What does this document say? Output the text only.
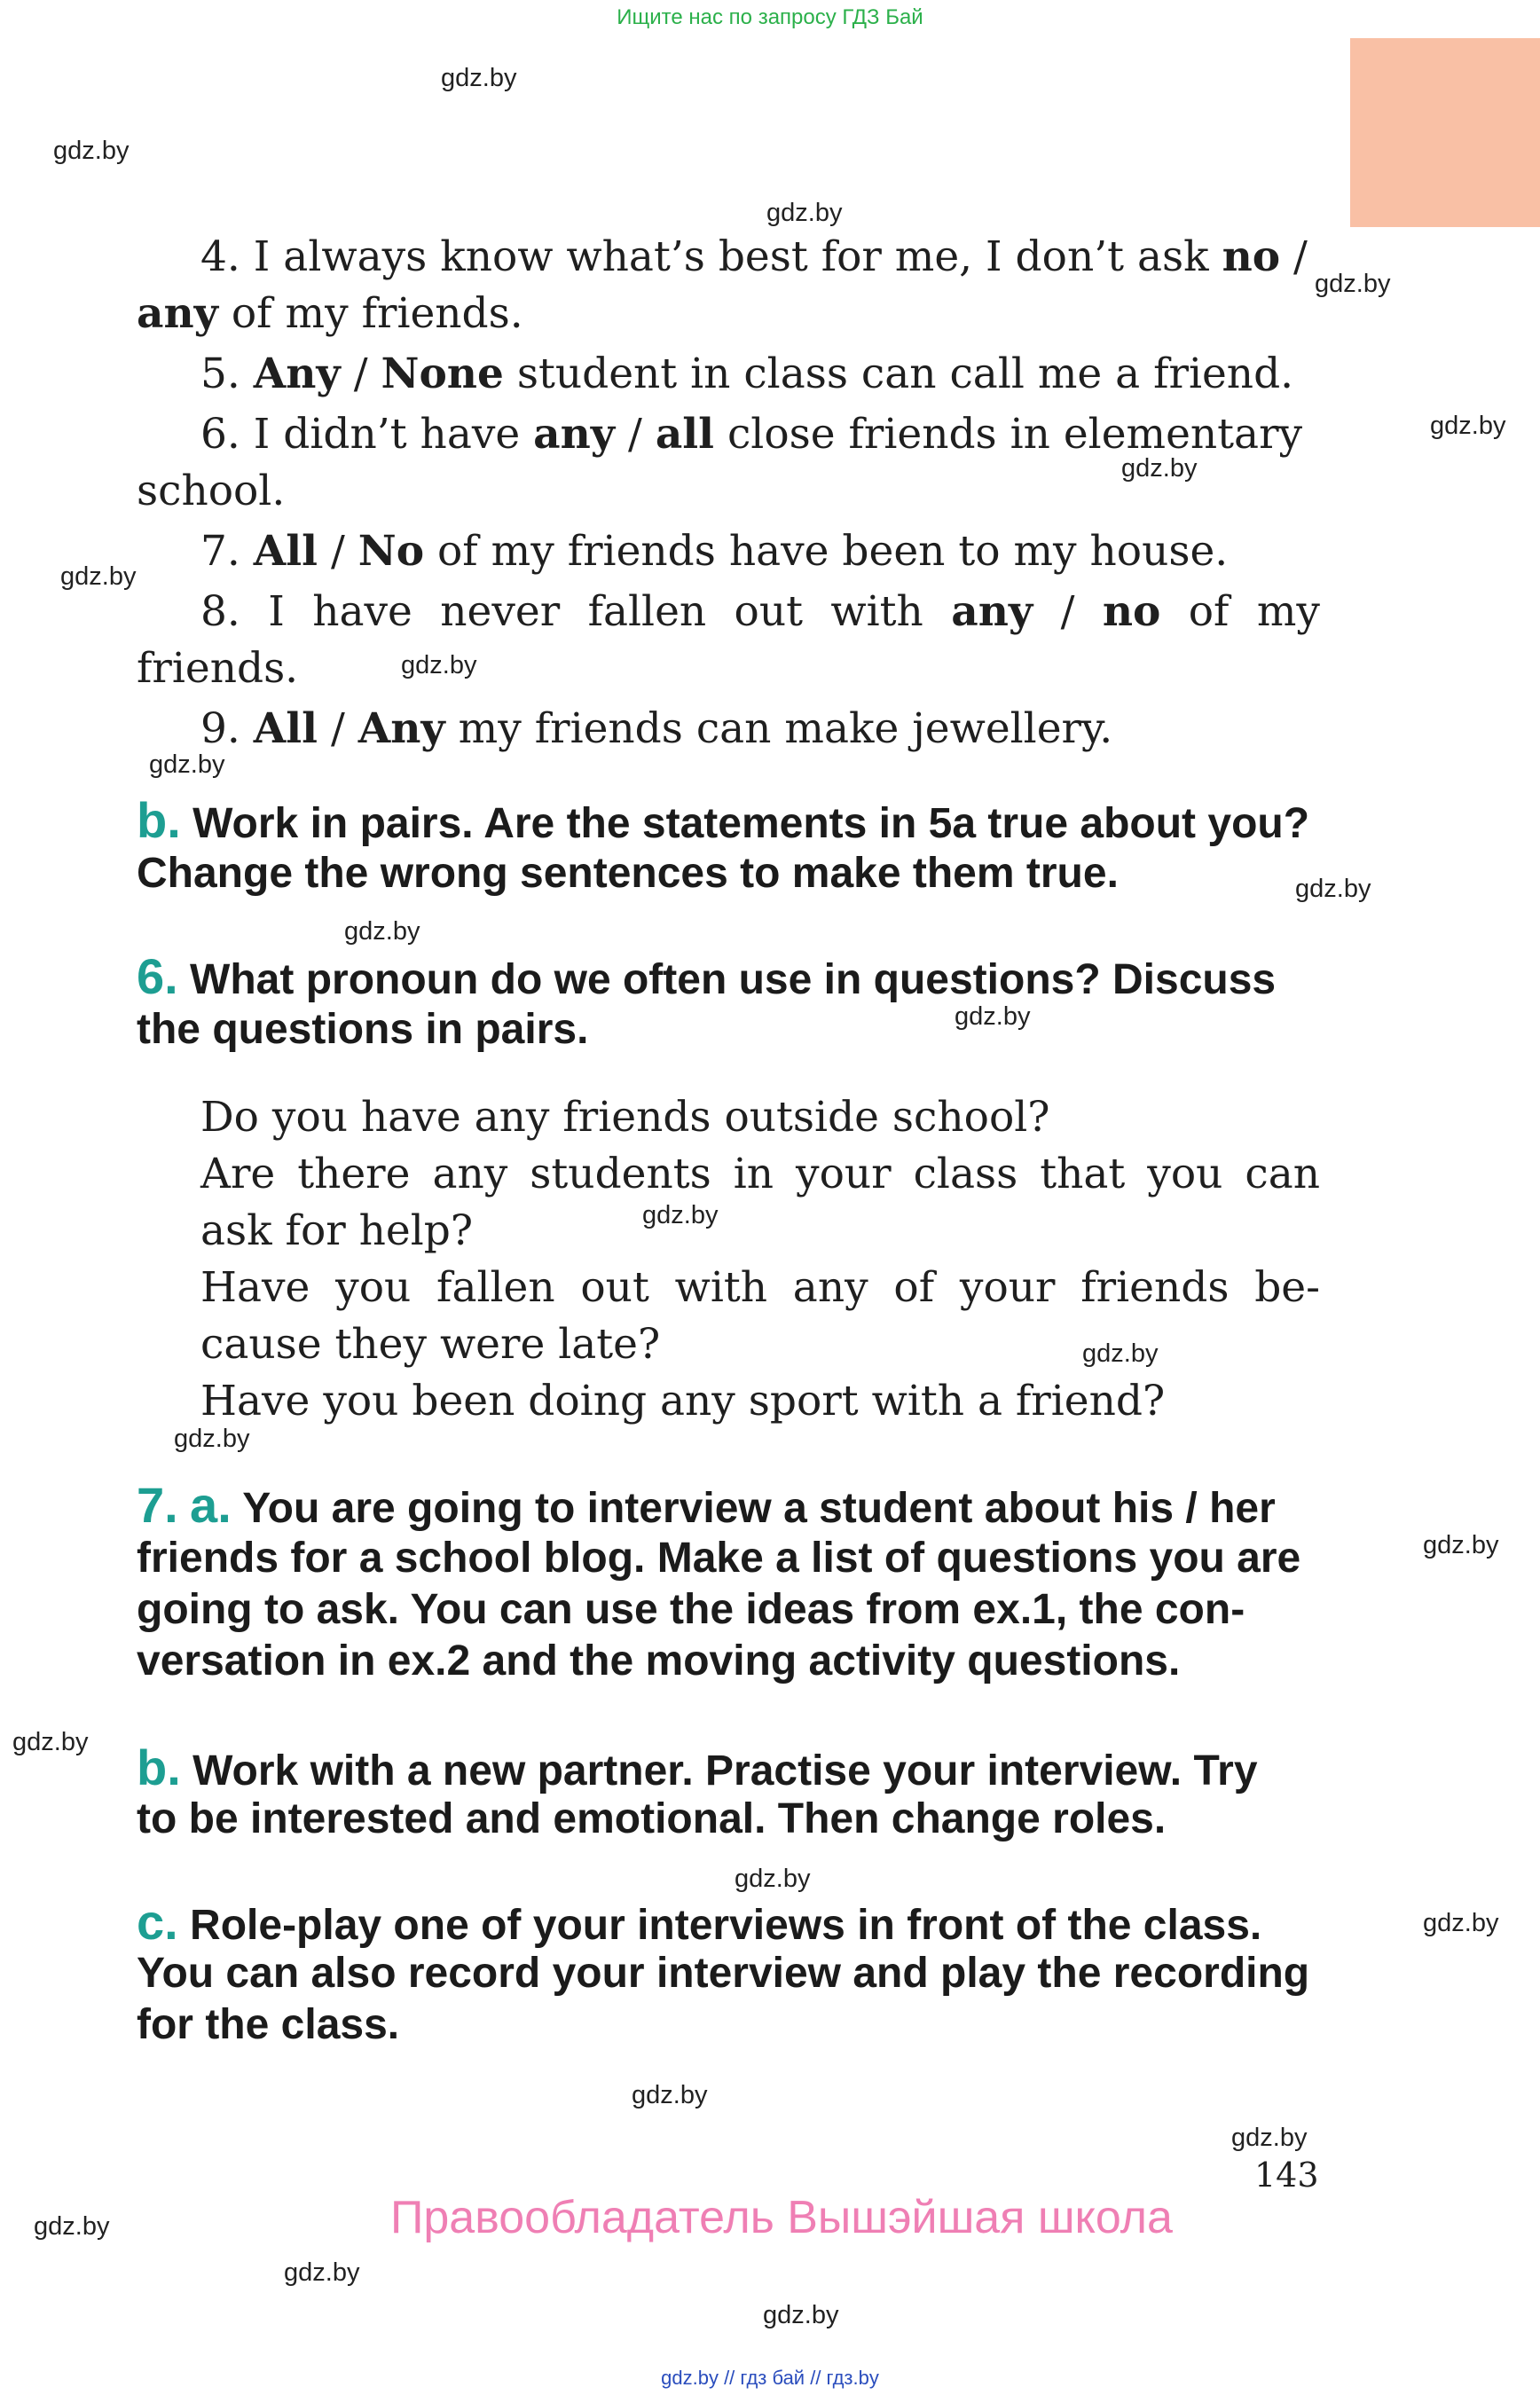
Ищите нас по запросу ГДЗ Бай
gdz.by
gdz.by
gdz.by
gdz.by
gdz.by
gdz.by
gdz.by
gdz.by
gdz.by
gdz.by
gdz.by
gdz.by
gdz.by
gdz.by
gdz.by
gdz.by
gdz.by
gdz.by
gdz.by
gdz.by
gdz.by
gdz.by
gdz.by
gdz.by
4. I always know what’s best for me, I don’t ask no /
any of my friends.
5. Any / None student in class can call me a friend.
6. I didn’t have any / all close friends in elementary
school.
7. All / No of my friends have been to my house.
8. I have never fallen out with any / no of my
friends.
9. All / Any my friends can make jewellery.
b. Work in pairs. Are the statements in 5a true about you?
Change the wrong sentences to make them true.
6. What pronoun do we often use in questions? Discuss
the questions in pairs.
Do you have any friends outside school?
Are there any students in your class that you can
ask for help?
Have you fallen out with any of your friends be-
cause they were late?
Have you been doing any sport with a friend?
7. a. You are going to interview a student about his / her
friends for a school blog. Make a list of questions you are
going to ask. You can use the ideas from ex.1, the con-
versation in ex.2 and the moving activity questions.
b. Work with a new partner. Practise your interview. Try
to be interested and emotional. Then change roles.
c. Role-play one of your interviews in front of the class.
You can also record your interview and play the recording
for the class.
143
Правообладатель Вышэйшая школа
gdz.by // гдз бай // гдз.by
